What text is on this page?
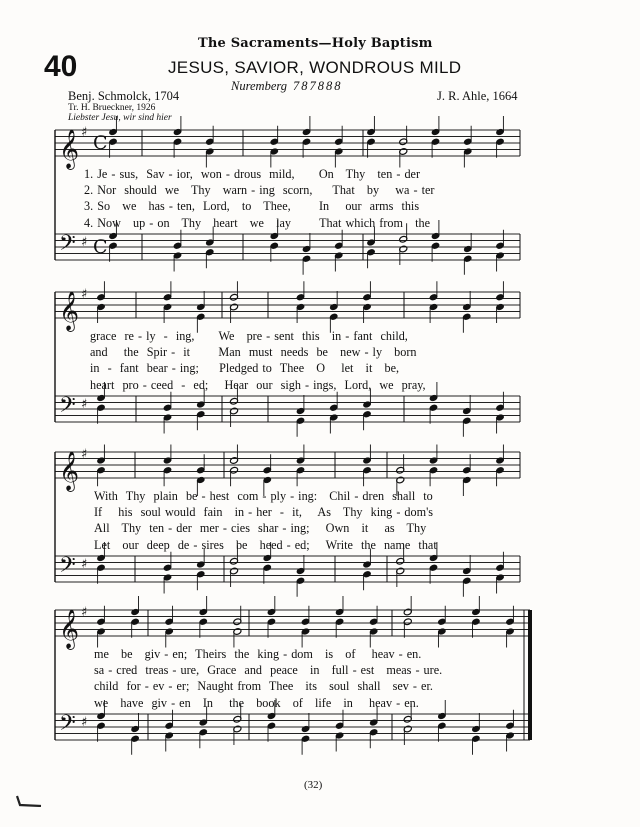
40
The Sacraments—Holy Baptism
JESUS, SAVIOR, WONDROUS MILD
Nuremberg 787888
Benj. Schmolck, 1704
Tr. H. Brueckner, 1926
Liebster Jesu, wir sind hier
J. R. Ahle, 1664
𝄞 ♯ C
𝄢 ♯ C
𝄞 ♯
𝄢 ♯
𝄞 ♯
𝄢 ♯
𝄞 ♯
𝄢 ♯
1. Je - sus,  Sav - ior,  won - drous  mild,      On   Thy   ten - der
2. Nor  should  we   Thy   warn - ing  scorn,     That   by    wa - ter
3. So   we   has - ten,  Lord,   to   Thee,       In    our  arms  this
4. Now   up - on   Thy   heart   we   lay       That which from   the
grace  re - ly  -  ing,      We   pre - sent  this   in - fant  child,
and    the  Spir -  it       Man  must  needs  be   new - ly   born
in  -  fant  bear - ing;     Pledged to  Thee   O    let   it   be,
heart  pro - ceed  -  ed;    Hear  our  sigh - ings,  Lord,  we  pray,
With  Thy  plain  be - hest  com - ply - ing:   Chil - dren  shall  to
If    his  soul would  fain   in - her  -  it,    As   Thy  king - dom's
All   Thy  ten - der  mer - cies  shar - ing;    Own   it    as   Thy
Let   our  deep  de - sires   be   heed - ed;    Write  the  name  that
me   be   giv - en;  Theirs  the  king - dom   is   of    heav - en.
sa - cred  treas - ure,  Grace  and  peace   in   full - est   meas - ure.
child  for - ev - er;  Naught from  Thee   its   soul  shall   sev - er.
we   have  giv - en   In    the   book   of   life   in    heav - en.
(32)
